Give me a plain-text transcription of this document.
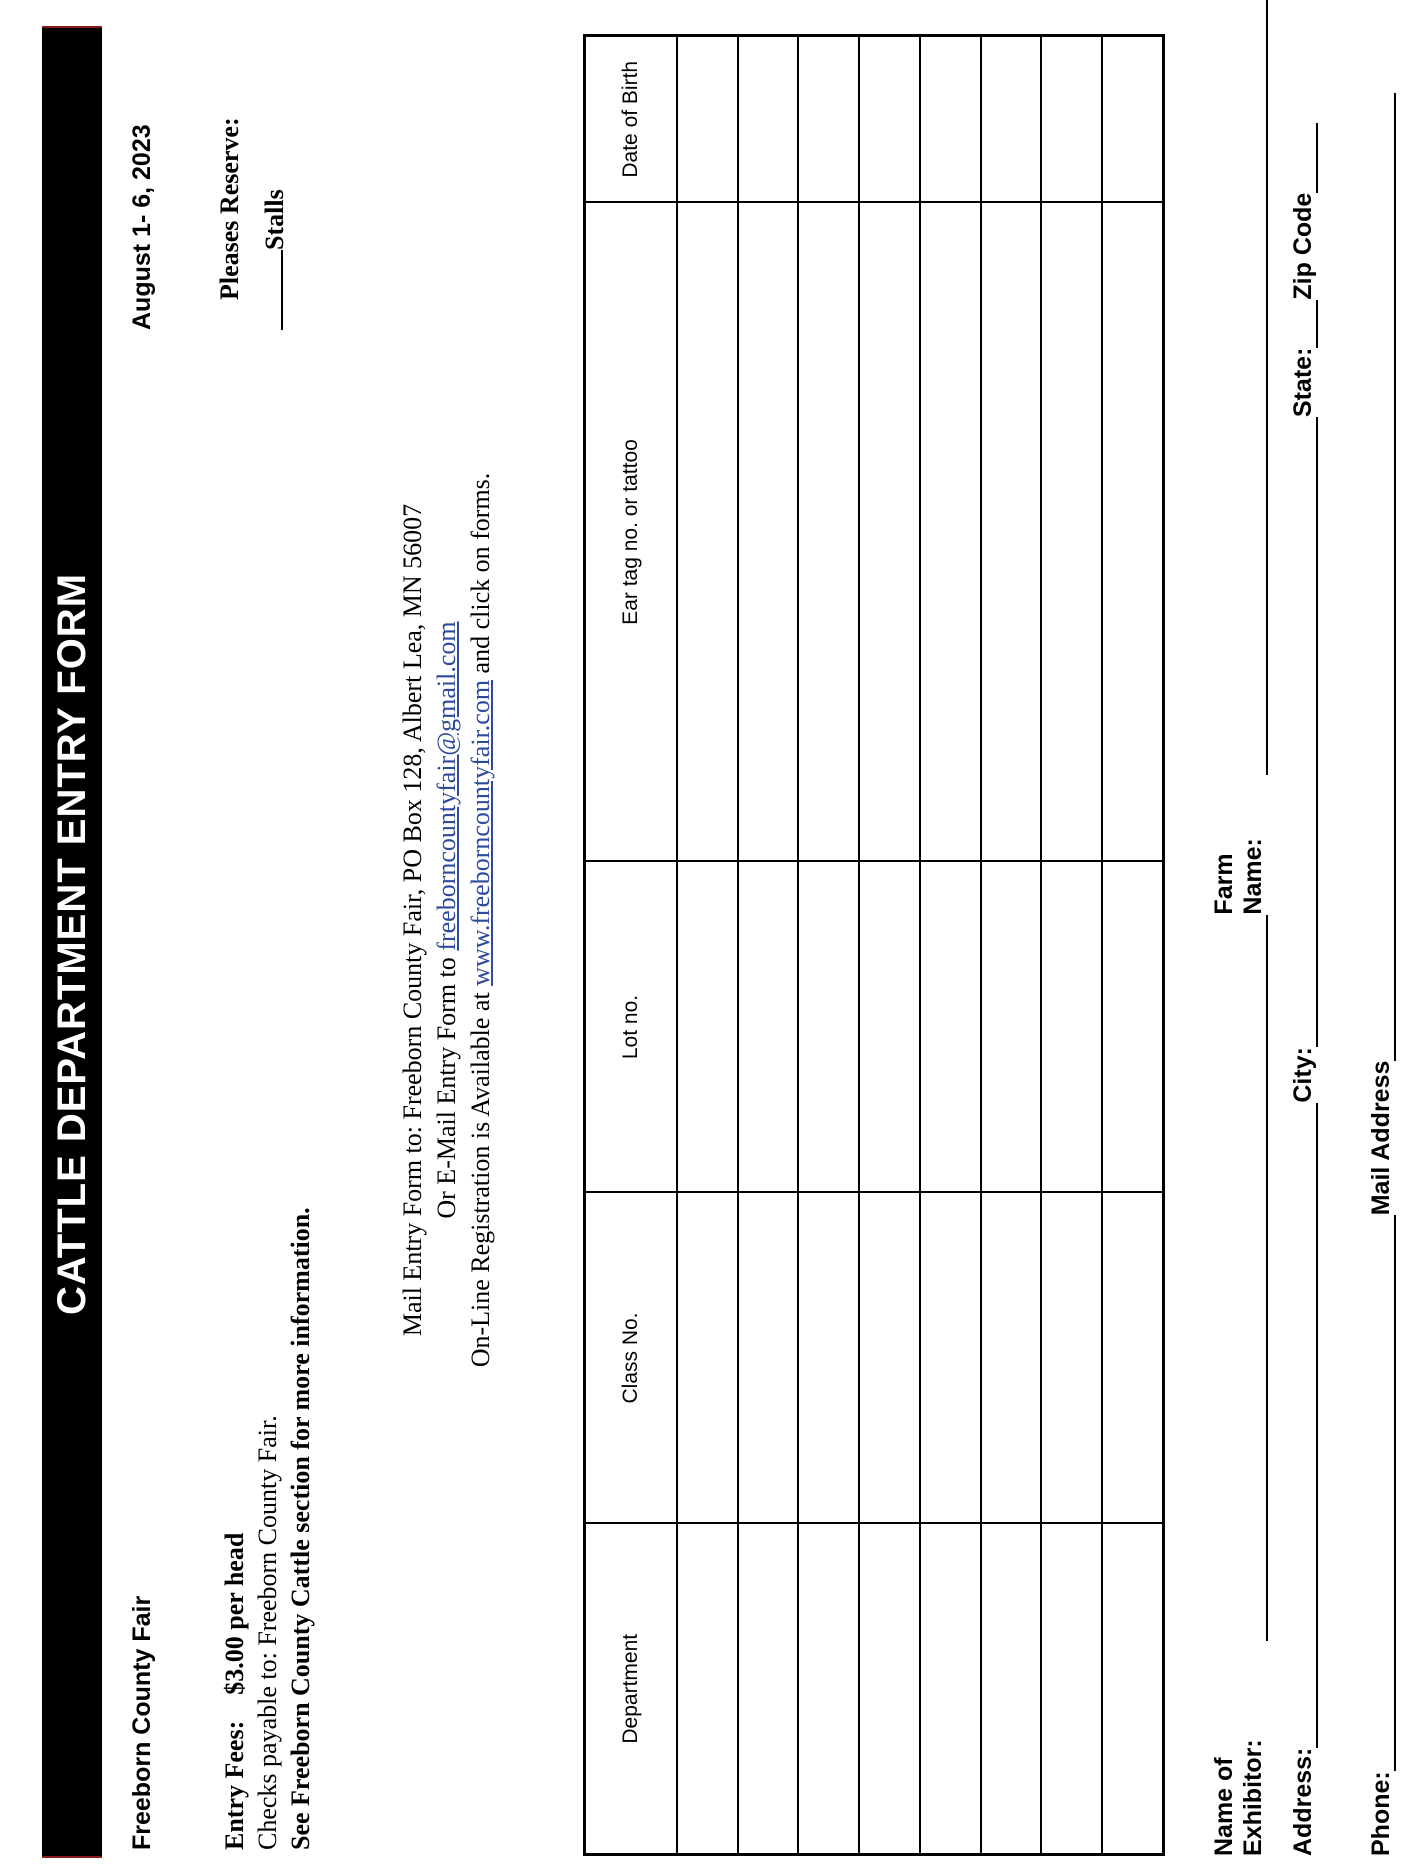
CATTLE DEPARTMENT ENTRY FORM
Freeborn County Fair
August 1- 6, 2023
Entry Fees:$3.00 per head Checks payable to: Freeborn County Fair. See Freeborn County Cattle section for more information.
Pleases Reserve: Stalls
Mail Entry Form to: Freeborn County Fair, PO Box 128, Albert Lea, MN 56007 Or E-Mail Entry Form to freeborncountyfair@gmail.com
On-Line Registration is Available at www.freeborncountyfair.com and click on forms.
Department	Class No.	Lot no.	Ear tag no. or tattoo	Date of Birth

Name of Exhibitor:
Farm Name:
Address:
City:
State:
Zip Code
Phone:
Mail Address
